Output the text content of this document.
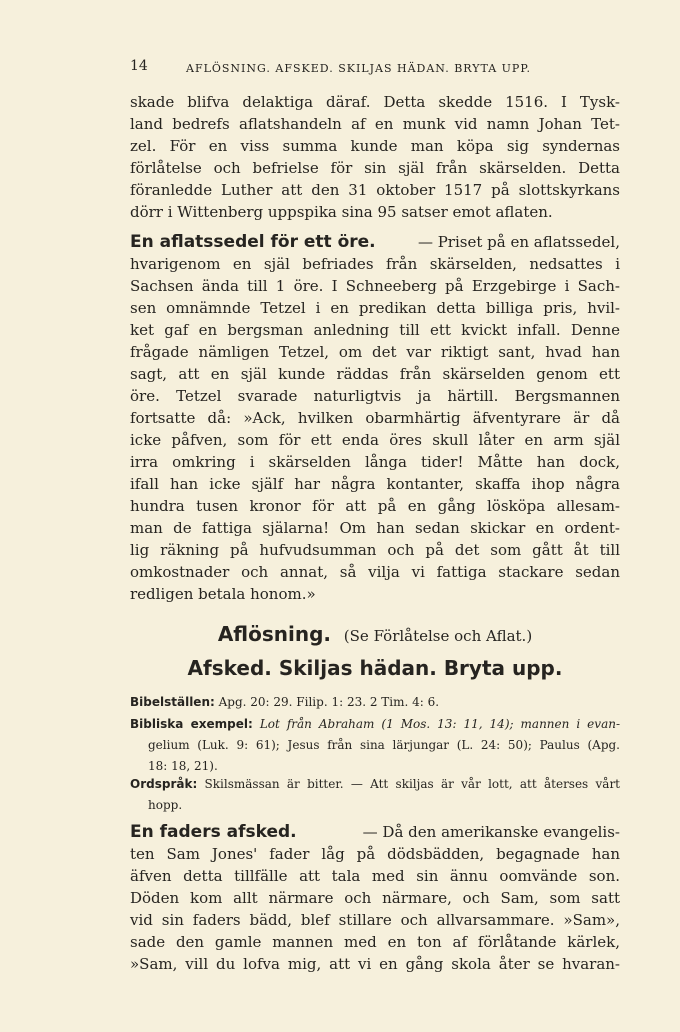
14	AFLÖSNING. AFSKED. SKILJAS HÄDAN. BRYTA UPP.
skade blifva delaktiga däraf. Detta skedde 1516. I Tysk-
land bedrefs aflatshandeln af en munk vid namn Johan Tet-
zel. För en viss summa kunde man köpa sig syndernas
förlåtelse och befrielse för sin själ från skärselden. Detta
föranledde Luther att den 31 oktober 1517 på slottskyrkans
dörr i Wittenberg uppspika sina 95 satser emot aflaten.
En aflatssedel för ett öre.	— Priset på en aflatssedel,
hvarigenom en själ befriades från skärselden, nedsattes i
Sachsen ända till 1 öre. I Schneeberg på Erzgebirge i Sach-
sen omnämnde Tetzel i en predikan detta billiga pris, hvil-
ket gaf en bergsman anledning till ett kvickt infall. Denne
frågade nämligen Tetzel, om det var riktigt sant, hvad han
sagt, att en själ kunde räddas från skärselden genom ett
öre. Tetzel svarade naturligtvis ja härtill. Bergsmannen
fortsatte då: »Ack, hvilken obarmhärtig äfventyrare är då
icke påfven, som för ett enda öres skull låter en arm själ
irra omkring i skärselden långa tider! Måtte han dock,
ifall han icke själf har några kontanter, skaffa ihop några
hundra tusen kronor för att på en gång lösköpa allesam-
man de fattiga själarna! Om han sedan skickar en ordent-
lig räkning på hufvudsumman och på det som gått åt till
omkostnader och annat, så vilja vi fattiga stackare sedan
redligen betala honom.»
Aflösning. (Se Förlåtelse och Aflat.)
Afsked. Skiljas hädan. Bryta upp.
Bibelställen: Apg. 20: 29. Filip. 1: 23. 2 Tim. 4: 6.
Bibliska exempel: Lot från Abraham (1 Mos. 13: 11, 14); mannen i evan-
gelium (Luk. 9: 61); Jesus från sina lärjungar (L. 24: 50); Paulus (Apg.
18: 18, 21).
Ordspråk: Skilsmässan är bitter. — Att skiljas är vår lott, att återses vårt
hopp.
En faders afsked.	— Då den amerikanske evangelis-
ten Sam Jones' fader låg på dödsbädden, begagnade han
äfven detta tillfälle att tala med sin ännu oomvände son.
Döden kom allt närmare och närmare, och Sam, som satt
vid sin faders bädd, blef stillare och allvarsammare. »Sam»,
sade den gamle mannen med en ton af förlåtande kärlek,
»Sam, vill du lofva mig, att vi en gång skola åter se hvaran-
